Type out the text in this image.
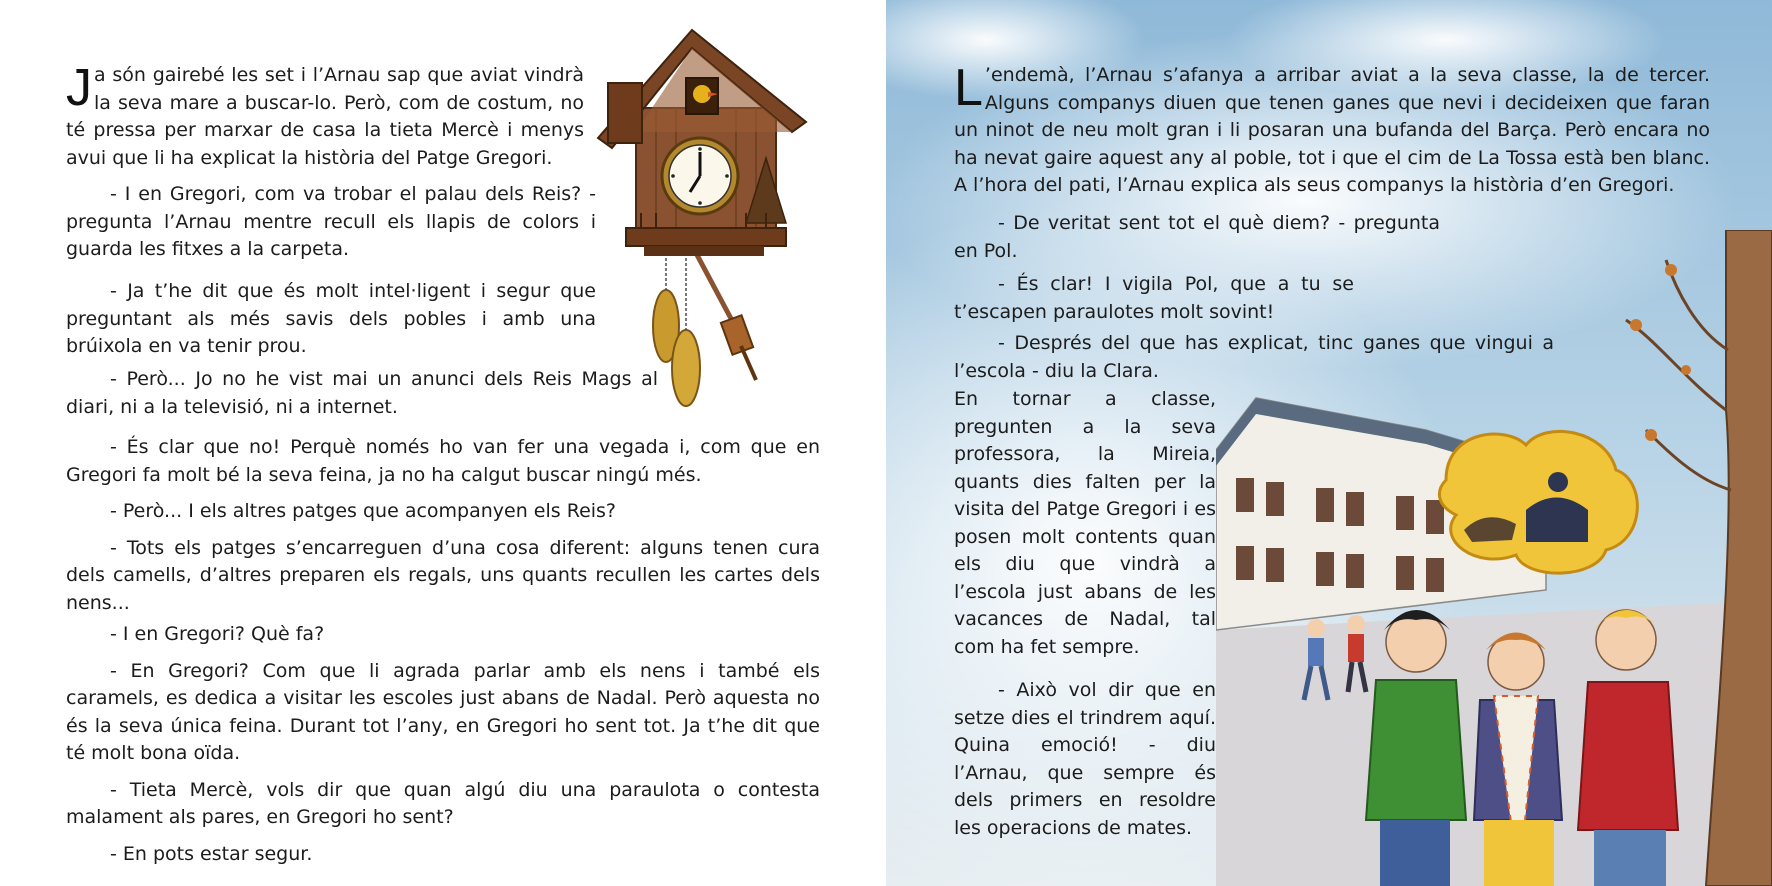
Ja són gairebé les set i l’Arnau sap que aviat vindrà la seva mare a buscar-lo. Però, com de costum, no té pressa per marxar de casa la tieta Mercè i menys avui que li ha explicat la història del Patge Gregori.

- I en Gregori, com va trobar el palau dels Reis? - pregunta l’Arnau mentre recull els llapis de colors i guarda les fitxes a la carpeta.

- Ja t’he dit que és molt intel·ligent i segur que preguntant als més savis dels pobles i amb una brúixola en va tenir prou.

- Però... Jo no he vist mai un anunci dels Reis Mags al diari, ni a la televisió, ni a internet.

- És clar que no! Perquè només ho van fer una vegada i, com que en Gregori fa molt bé la seva feina, ja no ha calgut buscar ningú més.

- Però... I els altres patges que acompanyen els Reis?

- Tots els patges s’encarreguen d’una cosa diferent: alguns tenen cura dels camells, d’altres preparen els regals, uns quants recullen les cartes dels nens...

- I en Gregori? Què fa?

- En Gregori? Com que li agrada parlar amb els nens i també els caramels, es dedica a visitar les escoles just abans de Nadal. Però aquesta no és la seva única feina. Durant tot l’any, en Gregori ho sent tot. Ja t’he dit que té molt bona oïda.

- Tieta Mercè, vols dir que quan algú diu una paraulota o contesta malament als pares, en Gregori ho sent?

- En pots estar segur.

L ’endemà, l’Arnau s’afanya a arribar aviat a la seva classe, la de tercer. Alguns companys diuen que tenen ganes que nevi i decideixen que faran un ninot de neu molt gran i li posaran una bufanda del Barça. Però encara no ha nevat gaire aquest any al poble, tot i que el cim de La Tossa està ben blanc. A l’hora del pati, l’Arnau explica als seus companys la història d’en Gregori.

- De veritat sent tot el què diem? - pregunta en Pol.

- És clar! I vigila Pol, que a tu se t’escapen paraulotes molt sovint!

- Després del que has explicat, tinc ganes que vingui a l’escola - diu la Clara.

En tornar a classe, pregunten a la seva professora, la Mireia, quants dies falten per la visita del Patge Gregori i es posen molt contents quan els diu que vindrà a l’escola just abans de les vacances de Nadal, tal com ha fet sempre.

- Això vol dir que en setze dies el trindrem aquí. Quina emoció! - diu l’Arnau, que sempre és dels primers en resoldre les operacions de mates.
